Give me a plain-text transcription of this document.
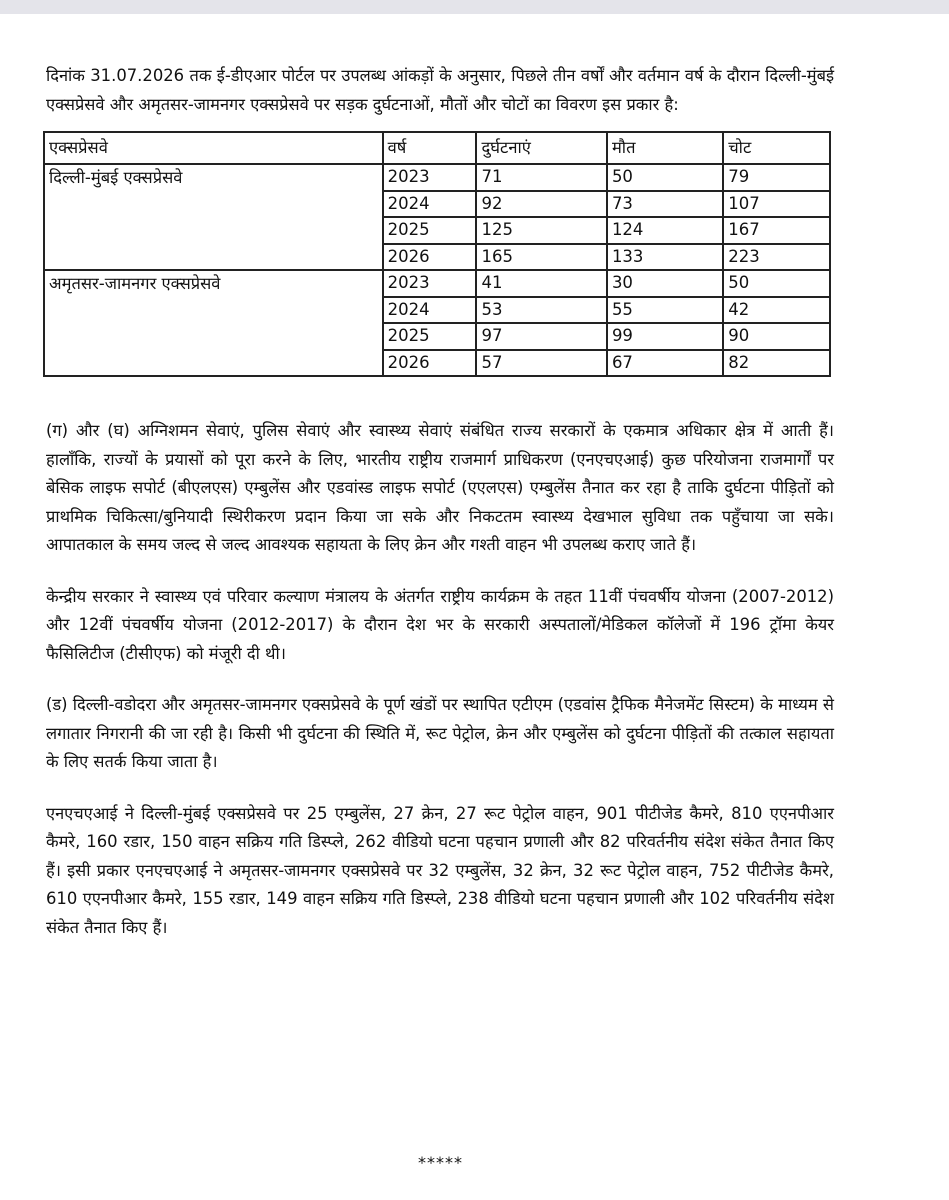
दिनांक 31.07.2026 तक ई-डीएआर पोर्टल पर उपलब्ध आंकड़ों के अनुसार, पिछले तीन वर्षों और वर्तमान वर्ष के दौरान दिल्ली-मुंबई एक्सप्रेसवे और अमृतसर-जामनगर एक्सप्रेसवे पर सड़क दुर्घटनाओं, मौतों और चोटों का विवरण इस प्रकार है:

एक्सप्रेसवे	वर्ष	दुर्घटनाएं	मौत	चोट
दिल्ली-मुंबई एक्सप्रेसवे	2023	71	50	79
	2024	92	73	107
	2025	125	124	167
	2026	165	133	223
अमृतसर-जामनगर एक्सप्रेसवे	2023	41	30	50
	2024	53	55	42
	2025	97	99	90
	2026	57	67	82

(ग) और (घ) अग्निशमन सेवाएं, पुलिस सेवाएं और स्वास्थ्य सेवाएं संबंधित राज्य सरकारों के एकमात्र अधिकार क्षेत्र में आती हैं। हालाँकि, राज्यों के प्रयासों को पूरा करने के लिए, भारतीय राष्ट्रीय राजमार्ग प्राधिकरण (एनएचएआई) कुछ परियोजना राजमार्गों पर बेसिक लाइफ सपोर्ट (बीएलएस) एम्बुलेंस और एडवांस्ड लाइफ सपोर्ट (एएलएस) एम्बुलेंस तैनात कर रहा है ताकि दुर्घटना पीड़ितों को प्राथमिक चिकित्सा/बुनियादी स्थिरीकरण प्रदान किया जा सके और निकटतम स्वास्थ्य देखभाल सुविधा तक पहुँचाया जा सके। आपातकाल के समय जल्द से जल्द आवश्यक सहायता के लिए क्रेन और गश्ती वाहन भी उपलब्ध कराए जाते हैं।

केन्द्रीय सरकार ने स्वास्थ्य एवं परिवार कल्याण मंत्रालय के अंतर्गत राष्ट्रीय कार्यक्रम के तहत 11वीं पंचवर्षीय योजना (2007-2012) और 12वीं पंचवर्षीय योजना (2012-2017) के दौरान देश भर के सरकारी अस्पतालों/मेडिकल कॉलेजों में 196 ट्रॉमा केयर फैसिलिटीज (टीसीएफ) को मंजूरी दी थी।

(ड) दिल्ली-वडोदरा और अमृतसर-जामनगर एक्सप्रेसवे के पूर्ण खंडों पर स्थापित एटीएम (एडवांस ट्रैफिक मैनेजमेंट सिस्टम) के माध्यम से लगातार निगरानी की जा रही है। किसी भी दुर्घटना की स्थिति में, रूट पेट्रोल, क्रेन और एम्बुलेंस को दुर्घटना पीड़ितों की तत्काल सहायता के लिए सतर्क किया जाता है।

एनएचएआई ने दिल्ली-मुंबई एक्सप्रेसवे पर 25 एम्बुलेंस, 27 क्रेन, 27 रूट पेट्रोल वाहन, 901 पीटीजेड कैमरे, 810 एएनपीआर कैमरे, 160 रडार, 150 वाहन सक्रिय गति डिस्प्ले, 262 वीडियो घटना पहचान प्रणाली और 82 परिवर्तनीय संदेश संकेत तैनात किए हैं। इसी प्रकार एनएचएआई ने अमृतसर-जामनगर एक्सप्रेसवे पर 32 एम्बुलेंस, 32 क्रेन, 32 रूट पेट्रोल वाहन, 752 पीटीजेड कैमरे, 610 एएनपीआर कैमरे, 155 रडार, 149 वाहन सक्रिय गति डिस्प्ले, 238 वीडियो घटना पहचान प्रणाली और 102 परिवर्तनीय संदेश संकेत तैनात किए हैं।

*****
